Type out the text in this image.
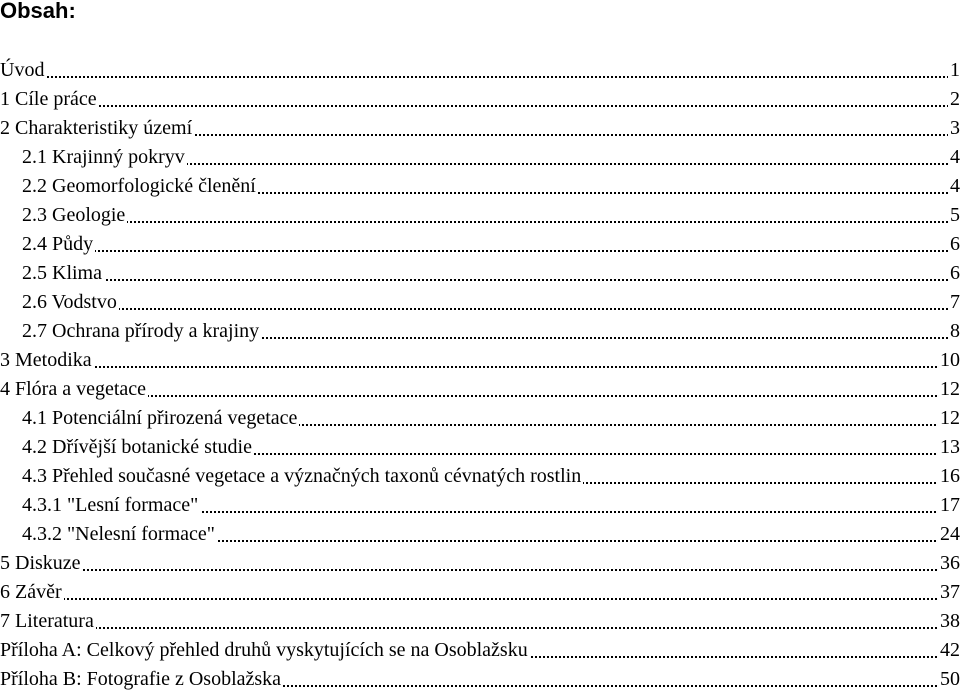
Obsah:
Úvod	1
1 Cíle práce	2
2 Charakteristiky území	3
2.1 Krajinný pokryv	4
2.2 Geomorfologické členění	4
2.3 Geologie	5
2.4 Půdy	6
2.5 Klima	6
2.6 Vodstvo	7
2.7 Ochrana přírody a krajiny	8
3 Metodika	10
4 Flóra a vegetace	12
4.1 Potenciální přirozená vegetace	12
4.2 Dřívější botanické studie	13
4.3 Přehled současné vegetace a význačných taxonů cévnatých rostlin	16
4.3.1 "Lesní formace"	17
4.3.2 "Nelesní formace"	24
5 Diskuze	36
6 Závěr	37
7 Literatura	38
Příloha A: Celkový přehled druhů vyskytujících se na Osoblažsku	42
Příloha B: Fotografie z Osoblažska	50
